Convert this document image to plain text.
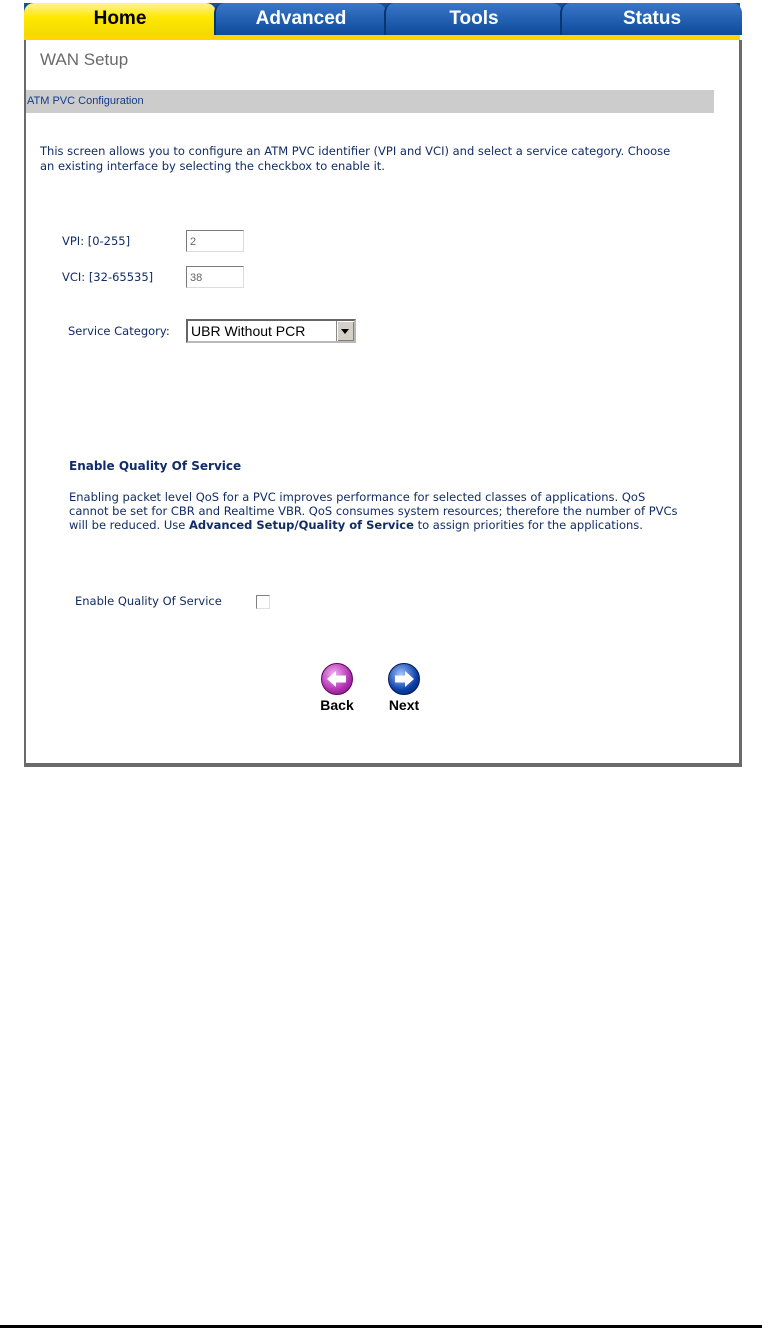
Home	Advanced	Tools	Status
WAN Setup
ATM PVC Configuration
This screen allows you to configure an ATM PVC identifier (VPI and VCI) and select a service category. Choose an existing interface by selecting the checkbox to enable it.
VPI: [0-255]	2
VCI: [32-65535]	38
Service Category: UBR Without PCR
Enable Quality Of Service
Enabling packet level QoS for a PVC improves performance for selected classes of applications. QoS cannot be set for CBR and Realtime VBR. QoS consumes system resources; therefore the number of PVCs will be reduced. Use Advanced Setup/Quality of Service to assign priorities for the applications.
Enable Quality Of Service
Back	Next
